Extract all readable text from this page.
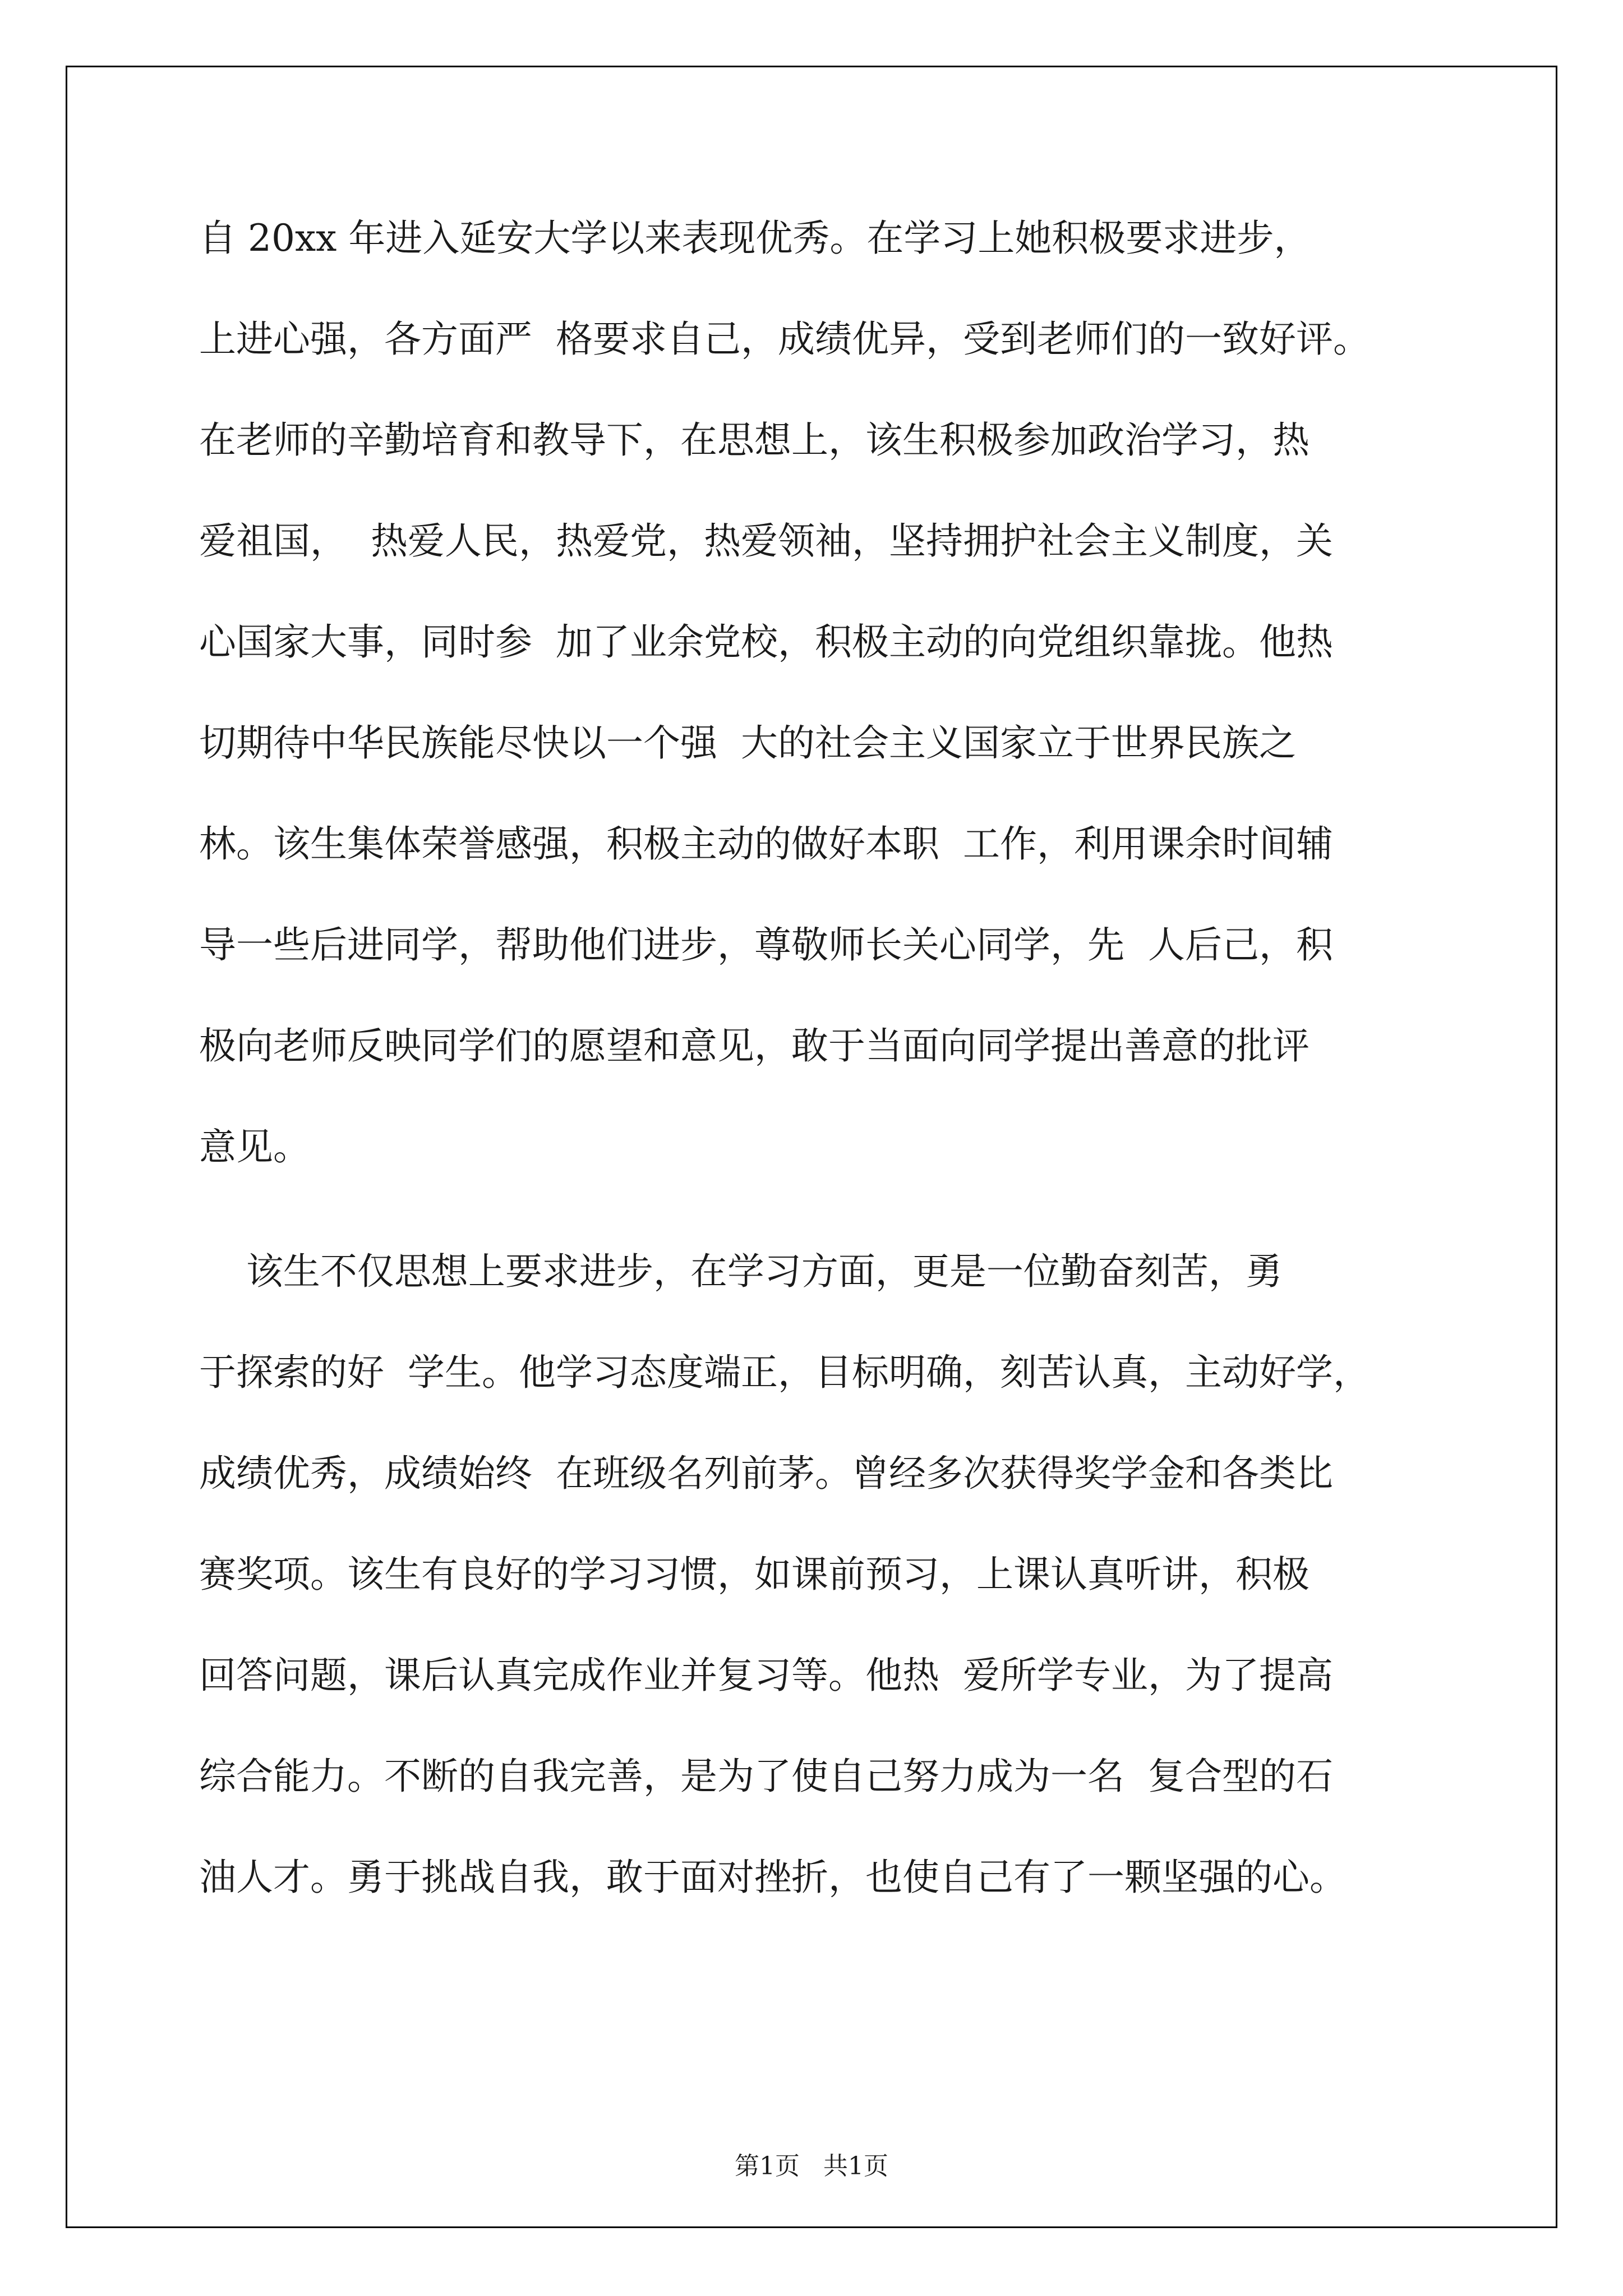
自 20xx 年进入延安大学以来表现优秀。在学习上她积极要求进步，

上进心强，各方面严  格要求自己，成绩优异，受到老师们的一致好评。

在老师的辛勤培育和教导下，在思想上，该生积极参加政治学习，热

爱祖国，  热爱人民，热爱党，热爱领袖，坚持拥护社会主义制度，关

心国家大事，同时参  加了业余党校，积极主动的向党组织靠拢。他热

切期待中华民族能尽快以一个强  大的社会主义国家立于世界民族之

林。该生集体荣誉感强，积极主动的做好本职  工作，利用课余时间辅

导一些后进同学，帮助他们进步，尊敬师长关心同学，先  人后己，积

极向老师反映同学们的愿望和意见，敢于当面向同学提出善意的批评

意见。

该生不仅思想上要求进步，在学习方面，更是一位勤奋刻苦，勇

于探索的好  学生。他学习态度端正，目标明确，刻苦认真，主动好学，

成绩优秀，成绩始终  在班级名列前茅。曾经多次获得奖学金和各类比

赛奖项。该生有良好的学习习惯，如课前预习，上课认真听讲，积极

回答问题，课后认真完成作业并复习等。他热  爱所学专业，为了提高

综合能力。不断的自我完善，是为了使自己努力成为一名  复合型的石

油人才。勇于挑战自我，敢于面对挫折，也使自己有了一颗坚强的心。

第1页   共1页
